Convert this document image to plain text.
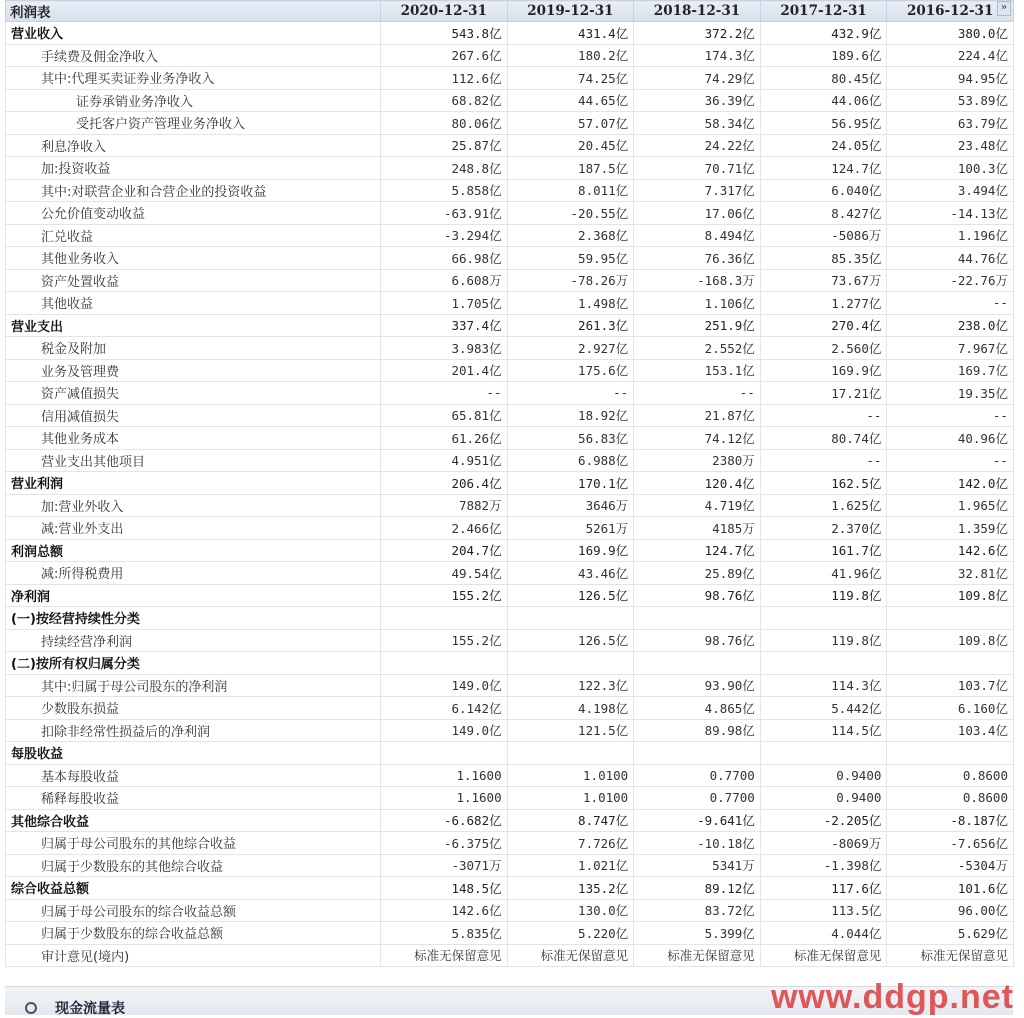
利润表	2020-12-31	2019-12-31	2018-12-31	2017-12-31	2016-12-31 »

营业收入	543.8亿	431.4亿	372.2亿	432.9亿	380.0亿
手续费及佣金净收入	267.6亿	180.2亿	174.3亿	189.6亿	224.4亿
其中:代理买卖证券业务净收入	112.6亿	74.25亿	74.29亿	80.45亿	94.95亿
证券承销业务净收入	68.82亿	44.65亿	36.39亿	44.06亿	53.89亿
受托客户资产管理业务净收入	80.06亿	57.07亿	58.34亿	56.95亿	63.79亿
利息净收入	25.87亿	20.45亿	24.22亿	24.05亿	23.48亿
加:投资收益	248.8亿	187.5亿	70.71亿	124.7亿	100.3亿
其中:对联营企业和合营企业的投资收益	5.858亿	8.011亿	7.317亿	6.040亿	3.494亿
公允价值变动收益	-63.91亿	-20.55亿	17.06亿	8.427亿	-14.13亿
汇兑收益	-3.294亿	2.368亿	8.494亿	-5086万	1.196亿
其他业务收入	66.98亿	59.95亿	76.36亿	85.35亿	44.76亿
资产处置收益	6.608万	-78.26万	-168.3万	73.67万	-22.76万
其他收益	1.705亿	1.498亿	1.106亿	1.277亿	--
营业支出	337.4亿	261.3亿	251.9亿	270.4亿	238.0亿
税金及附加	3.983亿	2.927亿	2.552亿	2.560亿	7.967亿
业务及管理费	201.4亿	175.6亿	153.1亿	169.9亿	169.7亿
资产减值损失	--	--	--	17.21亿	19.35亿
信用减值损失	65.81亿	18.92亿	21.87亿	--	--
其他业务成本	61.26亿	56.83亿	74.12亿	80.74亿	40.96亿
营业支出其他项目	4.951亿	6.988亿	2380万	--	--
营业利润	206.4亿	170.1亿	120.4亿	162.5亿	142.0亿
加:营业外收入	7882万	3646万	4.719亿	1.625亿	1.965亿
减:营业外支出	2.466亿	5261万	4185万	2.370亿	1.359亿
利润总额	204.7亿	169.9亿	124.7亿	161.7亿	142.6亿
减:所得税费用	49.54亿	43.46亿	25.89亿	41.96亿	32.81亿
净利润	155.2亿	126.5亿	98.76亿	119.8亿	109.8亿
(一)按经营持续性分类					
持续经营净利润	155.2亿	126.5亿	98.76亿	119.8亿	109.8亿
(二)按所有权归属分类					
其中:归属于母公司股东的净利润	149.0亿	122.3亿	93.90亿	114.3亿	103.7亿
少数股东损益	6.142亿	4.198亿	4.865亿	5.442亿	6.160亿
扣除非经常性损益后的净利润	149.0亿	121.5亿	89.98亿	114.5亿	103.4亿
每股收益					
基本每股收益	1.1600	1.0100	0.7700	0.9400	0.8600
稀释每股收益	1.1600	1.0100	0.7700	0.9400	0.8600
其他综合收益	-6.682亿	8.747亿	-9.641亿	-2.205亿	-8.187亿
归属于母公司股东的其他综合收益	-6.375亿	7.726亿	-10.18亿	-8069万	-7.656亿
归属于少数股东的其他综合收益	-3071万	1.021亿	5341万	-1.398亿	-5304万
综合收益总额	148.5亿	135.2亿	89.12亿	117.6亿	101.6亿
归属于母公司股东的综合收益总额	142.6亿	130.0亿	83.72亿	113.5亿	96.00亿
归属于少数股东的综合收益总额	5.835亿	5.220亿	5.399亿	4.044亿	5.629亿
审计意见(境内)	标准无保留意见	标准无保留意见	标准无保留意见	标准无保留意见	标准无保留意见
现金流量表	www.ddgp.net
